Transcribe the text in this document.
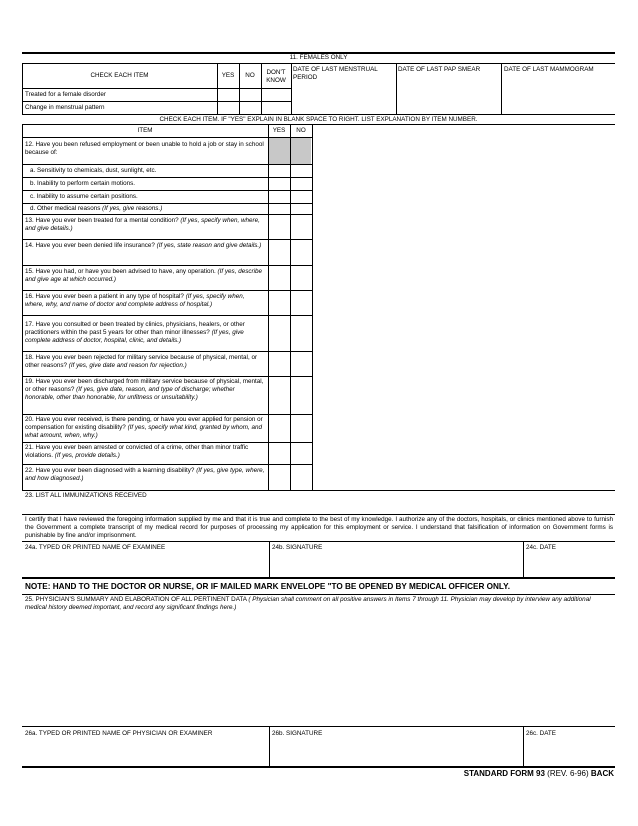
11. FEMALES ONLY
CHECK EACH ITEM	YES	NO	DON'T KNOW
DATE OF LAST MENSTRUAL PERIOD
DATE OF LAST PAP SMEAR	DATE OF LAST MAMMOGRAM
Treated for a female disorder
Change in menstrual pattern
CHECK EACH ITEM. IF "YES" EXPLAIN IN BLANK SPACE TO RIGHT. LIST EXPLANATION BY ITEM NUMBER.
ITEM	YES	NO
12. Have you been refused employment or been unable to hold a job or stay in school because of:
a. Sensitivity to chemicals, dust, sunlight, etc.
b. Inability to perform certain motions.
c. Inability to assume certain positions.
d. Other medical reasons (If yes, give reasons.)
13. Have you ever been treated for a mental condition? (If yes, specify when, where, and give details.)
14. Have you ever been denied life insurance? (If yes, state reason and give details.)
15. Have you had, or have you been advised to have, any operation. (If yes, describe and give age at which occurred.)
16. Have you ever been a patient in any type of hospital? (If yes, specify when, where, why, and name of doctor and complete address of hospital.)
17. Have you consulted or been treated by clinics, physicians, healers, or other practitioners within the past 5 years for other than minor illnesses? (If yes, give complete address of doctor, hospital, clinic, and details.)
18. Have you ever been rejected for military service because of physical, mental, or other reasons? (If yes, give date and reason for rejection.)
19. Have you ever been discharged from military service because of physical, mental, or other reasons? (If yes, give date, reason, and type of discharge; whether honorable, other than honorable, for unfitness or unsuitability.)
20. Have you ever received, is there pending, or have you ever applied for pension or compensation for existing disability? (If yes, specify what kind, granted by whom, and what amount, when, why.)
21. Have you ever been arrested or convicted of a crime, other than minor traffic violations. (If yes, provide details.)
22. Have you ever been diagnosed with a learning disability? (If yes, give type, where, and how diagnosed.)
23. LIST ALL IMMUNIZATIONS RECEIVED
I certify that I have reviewed the foregoing information supplied by me and that it is true and complete to the best of my knowledge. I authorize any of the doctors, hospitals, or clinics mentioned above to furnish the Government a complete transcript of my medical record for purposes of processing my application for this employment or service. I understand that falsification of information on Government forms is punishable by fine and/or imprisonment.
24a. TYPED OR PRINTED NAME OF EXAMINEE	24b. SIGNATURE	24c. DATE
NOTE: HAND TO THE DOCTOR OR NURSE, OR IF MAILED MARK ENVELOPE "TO BE OPENED BY MEDICAL OFFICER ONLY.
25. PHYSICIAN'S SUMMARY AND ELABORATION OF ALL PERTINENT DATA ( Physician shall comment on all positive answers in Items 7 through 11. Physician may develop by interview any additional medical history deemed important, and record any significant findings here.)
26a. TYPED OR PRINTED NAME OF PHYSICIAN OR EXAMINER	26b. SIGNATURE	26c. DATE
STANDARD FORM 93 (REV. 6-96) BACK
